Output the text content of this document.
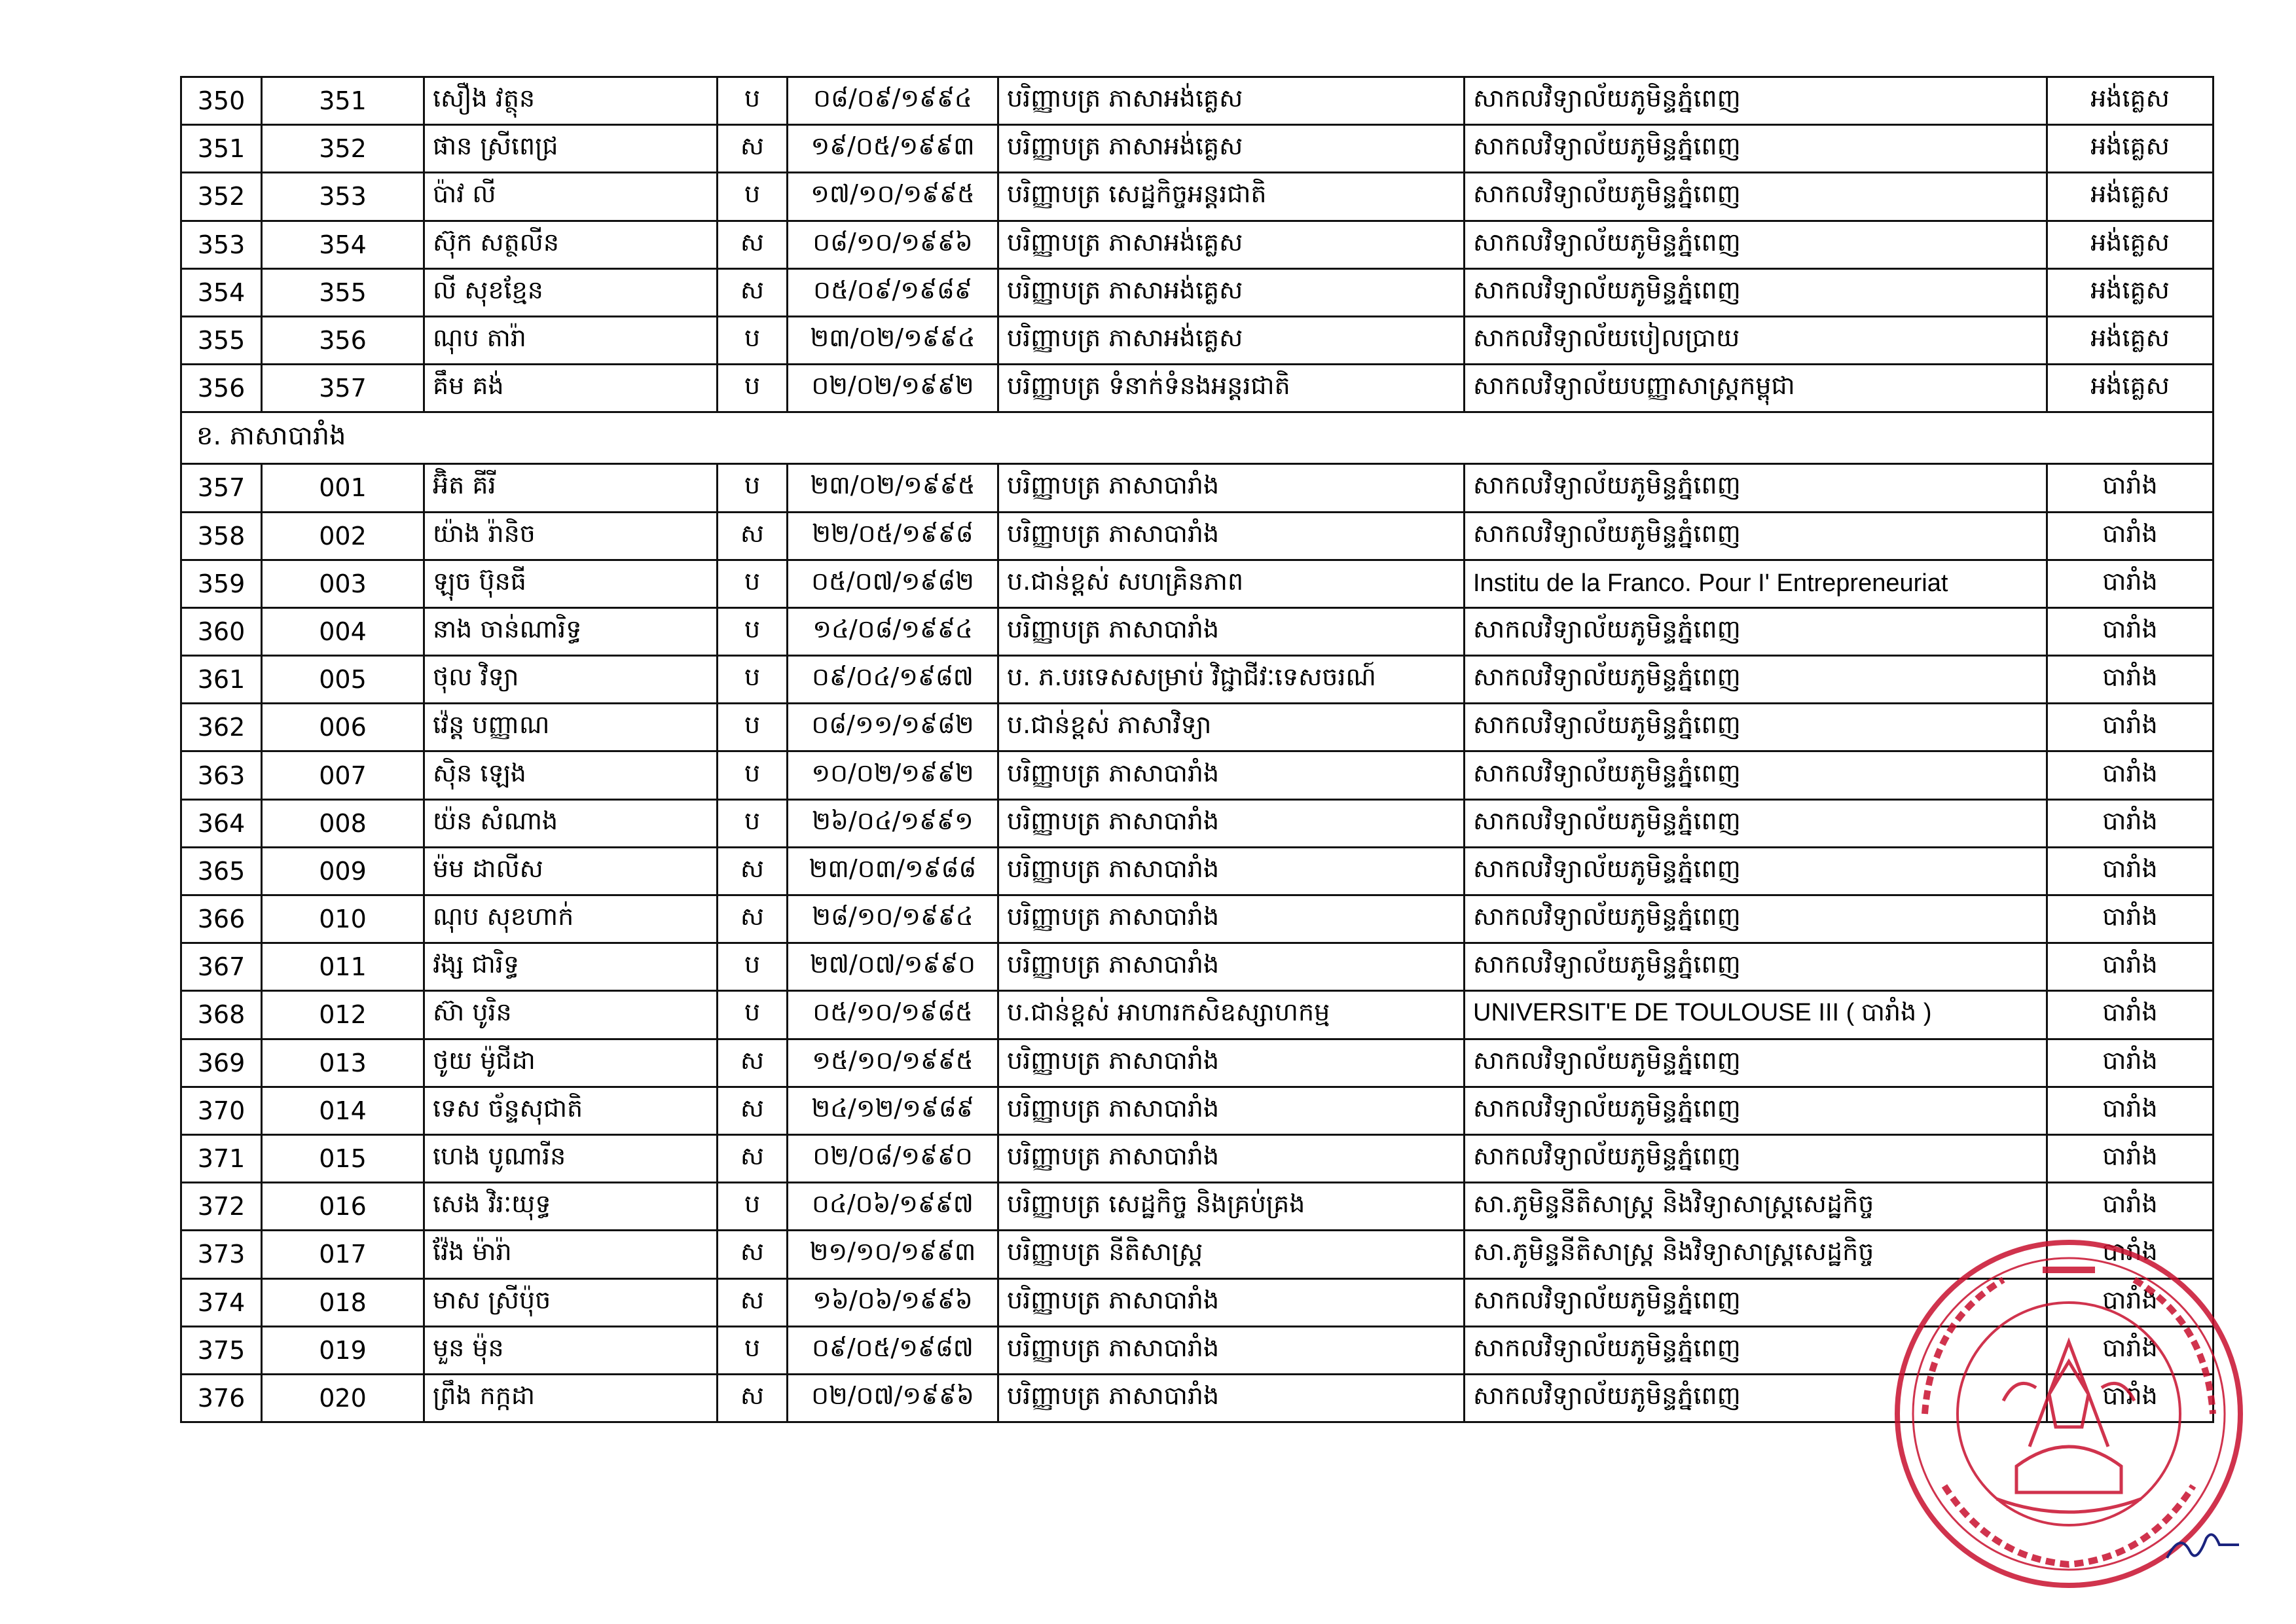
350	351	សឿង វត្ថុន	ប	០៨/០៩/១៩៩៤	បរិញ្ញាបត្រ ភាសាអង់គ្លេស	សាកលវិទ្យាល័យភូមិន្ទភ្នំពេញ	អង់គ្លេស
351	352	ផាន ស្រីពេជ្រ	ស	១៩/០៥/១៩៩៣	បរិញ្ញាបត្រ ភាសាអង់គ្លេស	សាកលវិទ្យាល័យភូមិន្ទភ្នំពេញ	អង់គ្លេស
352	353	ប៉ាវ លី	ប	១៧/១០/១៩៩៥	បរិញ្ញាបត្រ សេដ្ឋកិច្ចអន្តរជាតិ	សាកលវិទ្យាល័យភូមិន្ទភ្នំពេញ	អង់គ្លេស
353	354	ស៊ុក សត្ថលីន	ស	០៨/១០/១៩៩៦	បរិញ្ញាបត្រ ភាសាអង់គ្លេស	សាកលវិទ្យាល័យភូមិន្ទភ្នំពេញ	អង់គ្លេស
354	355	លី សុខខ្មែន	ស	០៥/០៩/១៩៨៩	បរិញ្ញាបត្រ ភាសាអង់គ្លេស	សាកលវិទ្យាល័យភូមិន្ទភ្នំពេញ	អង់គ្លេស
355	356	ណុប តារ៉ា	ប	២៣/០២/១៩៩៤	បរិញ្ញាបត្រ ភាសាអង់គ្លេស	សាកលវិទ្យាល័យបៀលប្រាយ	អង់គ្លេស
356	357	គឹម គង់	ប	០២/០២/១៩៩២	បរិញ្ញាបត្រ ទំនាក់ទំនងអន្តរជាតិ	សាកលវិទ្យាល័យបញ្ញាសាស្ត្រកម្ពុជា	អង់គ្លេស
ខ. ភាសាបារាំង							
357	001	អ៊ិត គីរី	ប	២៣/០២/១៩៩៥	បរិញ្ញាបត្រ ភាសាបារាំង	សាកលវិទ្យាល័យភូមិន្ទភ្នំពេញ	បារាំង
358	002	យ៉ាង រ៉ានិច	ស	២២/០៥/១៩៩៨	បរិញ្ញាបត្រ ភាសាបារាំង	សាកលវិទ្យាល័យភូមិន្ទភ្នំពេញ	បារាំង
359	003	ឡុច ប៊ុនធី	ប	០៥/០៧/១៩៨២	ប.ជាន់ខ្ពស់ សហគ្រិនភាព	Institu de la Franco. Pour I' Entrepreneuriat	បារាំង
360	004	នាង ចាន់ណារិទ្ធ	ប	១៤/០៨/១៩៩៤	បរិញ្ញាបត្រ ភាសាបារាំង	សាកលវិទ្យាល័យភូមិន្ទភ្នំពេញ	បារាំង
361	005	ថុល វិទ្យា	ប	០៩/០៤/១៩៨៧	ប. ភ.បរទេសសម្រាប់ វិជ្ជាជីវៈទេសចរណ៍	សាកលវិទ្យាល័យភូមិន្ទភ្នំពេញ	បារាំង
362	006	វ៉េន្ត បញ្ញាណ	ប	០៨/១១/១៩៨២	ប.ជាន់ខ្ពស់ ភាសាវិទ្យា	សាកលវិទ្យាល័យភូមិន្ទភ្នំពេញ	បារាំង
363	007	ស៊ិន ឡេង	ប	១០/០២/១៩៩២	បរិញ្ញាបត្រ ភាសាបារាំង	សាកលវិទ្យាល័យភូមិន្ទភ្នំពេញ	បារាំង
364	008	យ៉ន សំណាង	ប	២៦/០៤/១៩៩១	បរិញ្ញាបត្រ ភាសាបារាំង	សាកលវិទ្យាល័យភូមិន្ទភ្នំពេញ	បារាំង
365	009	ម៉ម ដាលីស	ស	២៣/០៣/១៩៨៨	បរិញ្ញាបត្រ ភាសាបារាំង	សាកលវិទ្យាល័យភូមិន្ទភ្នំពេញ	បារាំង
366	010	ណុប សុខហាក់	ស	២៨/១០/១៩៩៤	បរិញ្ញាបត្រ ភាសាបារាំង	សាកលវិទ្យាល័យភូមិន្ទភ្នំពេញ	បារាំង
367	011	វង្ស ជារិទ្ធ	ប	២៧/០៧/១៩៩០	បរិញ្ញាបត្រ ភាសាបារាំង	សាកលវិទ្យាល័យភូមិន្ទភ្នំពេញ	បារាំង
368	012	ស៊ា បូរិន	ប	០៥/១០/១៩៨៥	ប.ជាន់ខ្ពស់ អាហារកសិឧស្សាហកម្ម	UNIVERSIT'E DE TOULOUSE III ( បារាំង )	បារាំង
369	013	ថូយ ម៉ូជីដា	ស	១៥/១០/១៩៩៥	បរិញ្ញាបត្រ ភាសាបារាំង	សាកលវិទ្យាល័យភូមិន្ទភ្នំពេញ	បារាំង
370	014	ទេស ច័ន្ទសុជាតិ	ស	២៤/១២/១៩៨៩	បរិញ្ញាបត្រ ភាសាបារាំង	សាកលវិទ្យាល័យភូមិន្ទភ្នំពេញ	បារាំង
371	015	ហេង បូណារីន	ស	០២/០៨/១៩៩០	បរិញ្ញាបត្រ ភាសាបារាំង	សាកលវិទ្យាល័យភូមិន្ទភ្នំពេញ	បារាំង
372	016	សេង វិរៈយុទ្ធ	ប	០៤/០៦/១៩៩៧	បរិញ្ញាបត្រ សេដ្ឋកិច្ច និងគ្រប់គ្រង	សា.ភូមិន្ទនីតិសាស្ត្រ និងវិទ្យាសាស្ត្រសេដ្ឋកិច្ច	បារាំង
373	017	វ៉ែង ម៉ារ៉ា	ស	២១/១០/១៩៩៣	បរិញ្ញាបត្រ នីតិសាស្ត្រ	សា.ភូមិន្ទនីតិសាស្ត្រ និងវិទ្យាសាស្ត្រសេដ្ឋកិច្ច	បារាំង
374	018	មាស ស្រីប៉ុច	ស	១៦/០៦/១៩៩៦	បរិញ្ញាបត្រ ភាសាបារាំង	សាកលវិទ្យាល័យភូមិន្ទភ្នំពេញ	បារាំង
375	019	មួន ម៉ុន	ប	០៩/០៥/១៩៨៧	បរិញ្ញាបត្រ ភាសាបារាំង	សាកលវិទ្យាល័យភូមិន្ទភ្នំពេញ	បារាំង
376	020	ព្រឹង កក្កដា	ស	០២/០៧/១៩៩៦	បរិញ្ញាបត្រ ភាសាបារាំង	សាកលវិទ្យាល័យភូមិន្ទភ្នំពេញ	បារាំង
